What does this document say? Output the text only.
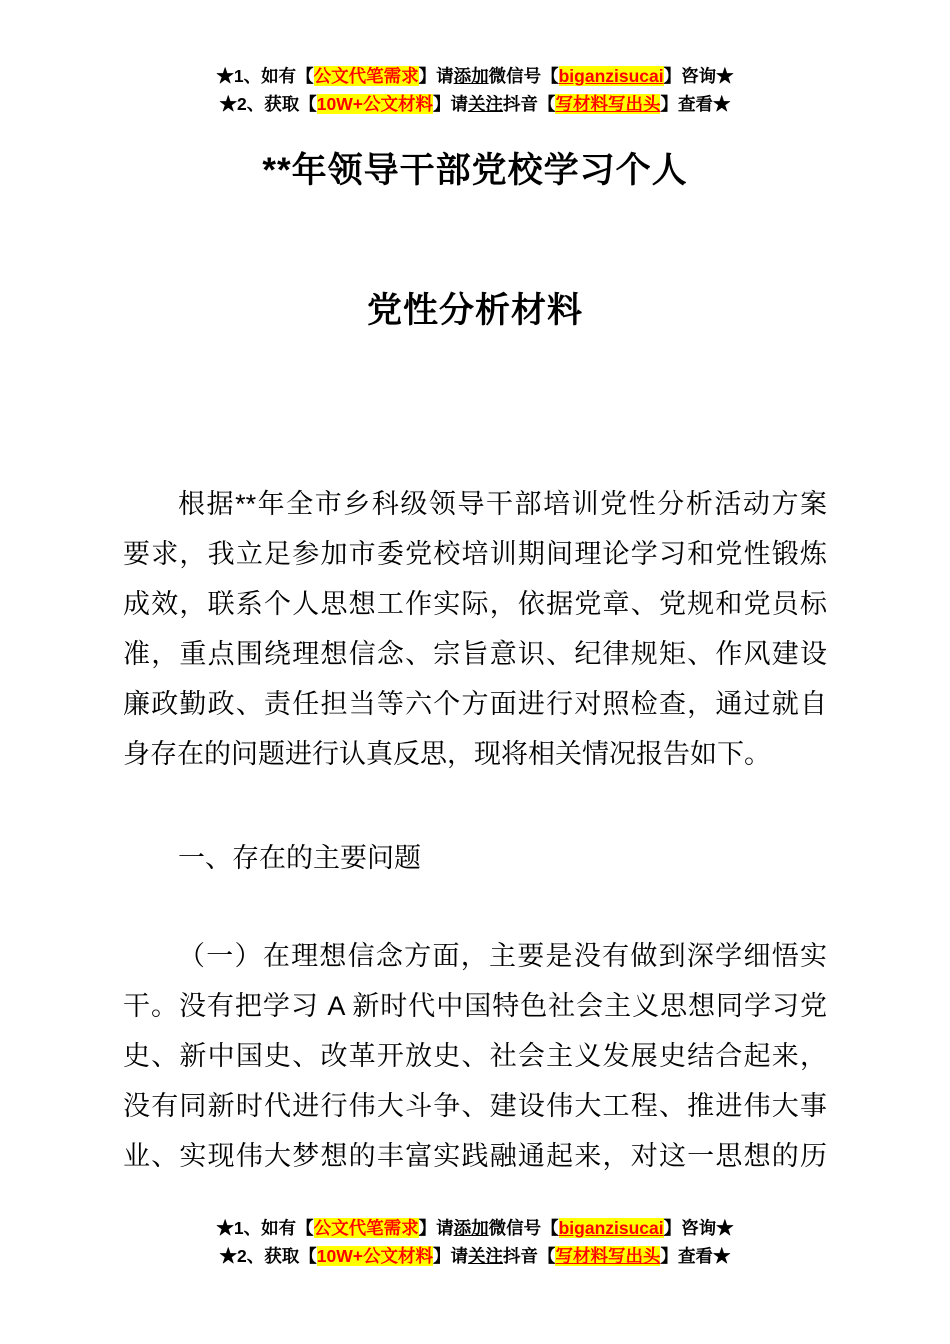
★1、如有【公文代笔需求】请添加微信号【biganzisucai】咨询★
★2、获取【10W+公文材料】请关注抖音【写材料写出头】查看★
**年领导干部党校学习个人
党性分析材料
根据**年全市乡科级领导干部培训党性分析活动方案
要求，我立足参加市委党校培训期间理论学习和党性锻炼
成效，联系个人思想工作实际，依据党章、党规和党员标
准，重点围绕理想信念、宗旨意识、纪律规矩、作风建设
廉政勤政、责任担当等六个方面进行对照检查，通过就自
身存在的问题进行认真反思，现将相关情况报告如下。
一、存在的主要问题
（一）在理想信念方面，主要是没有做到深学细悟实
干。没有把学习 A 新时代中国特色社会主义思想同学习党
史、新中国史、改革开放史、社会主义发展史结合起来，
没有同新时代进行伟大斗争、建设伟大工程、推进伟大事
业、实现伟大梦想的丰富实践融通起来，对这一思想的历
★1、如有【公文代笔需求】请添加微信号【biganzisucai】咨询★
★2、获取【10W+公文材料】请关注抖音【写材料写出头】查看★
